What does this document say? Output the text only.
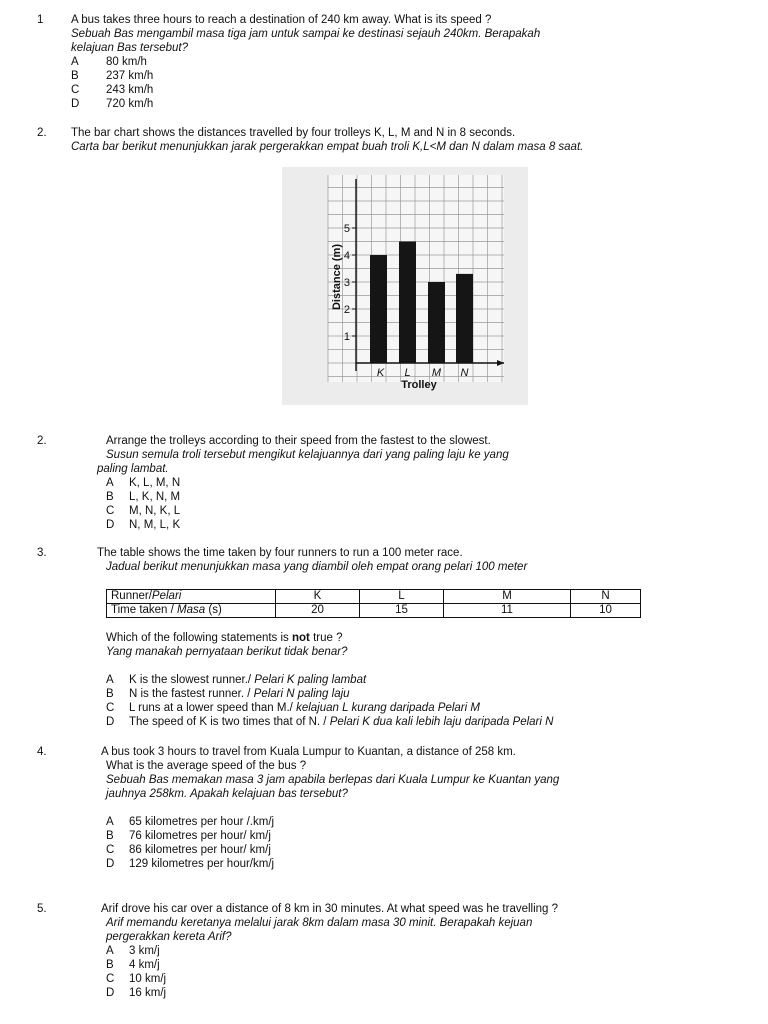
1 A bus takes three hours to reach a destination of 240 km away. What is its speed ?
Sebuah Bas mengambil masa tiga jam untuk sampai ke destinasi sejauh 240km. Berapakah
kelajuan Bas tersebut?
A 80 km/h
B 237 km/h
C 243 km/h
D 720 km/h
2. The bar chart shows the distances travelled by four trolleys K, L, M and N in 8 seconds.
Carta bar berikut menunjukkan jarak pergerakkan empat buah troli K,L<M dan N dalam masa 8 saat.
1
2
3
4
5
K L M N
Distance (m)
Trolley
2.	Arrange the trolleys according to their speed from the fastest to the slowest.
Susun semula troli tersebut mengikut kelajuannya dari yang paling laju ke yang
paling lambat.
A K, L, M, N
B L, K, N, M
C M, N, K, L
D N, M, L, K
3.	The table shows the time taken by four runners to run a 100 meter race.
Jadual berikut menunjukkan masa yang diambil oleh empat orang pelari 100 meter
Runner/Pelari	K	L	M	N
Time taken / Masa (s)	20	15	11	10
Which of the following statements is not true ?
Yang manakah pernyataan berikut tidak benar?
A K is the slowest runner./ Pelari K paling lambat
B N is the fastest runner. / Pelari N paling laju
C L runs at a lower speed than M./ kelajuan L kurang daripada Pelari M
D The speed of K is two times that of N. / Pelari K dua kali lebih laju daripada Pelari N
4.	A bus took 3 hours to travel from Kuala Lumpur to Kuantan, a distance of 258 km.
What is the average speed of the bus ?
Sebuah Bas memakan masa 3 jam apabila berlepas dari Kuala Lumpur ke Kuantan yang
jauhnya 258km. Apakah kelajuan bas tersebut?
A 65 kilometres per hour /.km/j
B 76 kilometres per hour/ km/j
C 86 kilometres per hour/ km/j
D 129 kilometres per hour/km/j
5.	Arif drove his car over a distance of 8 km in 30 minutes. At what speed was he travelling ?
Arif memandu keretanya melalui jarak 8km dalam masa 30 minit. Berapakah kejuan
pergerakkan kereta Arif?
A 3 km/j
B 4 km/j
C 10 km/j
D 16 km/j
